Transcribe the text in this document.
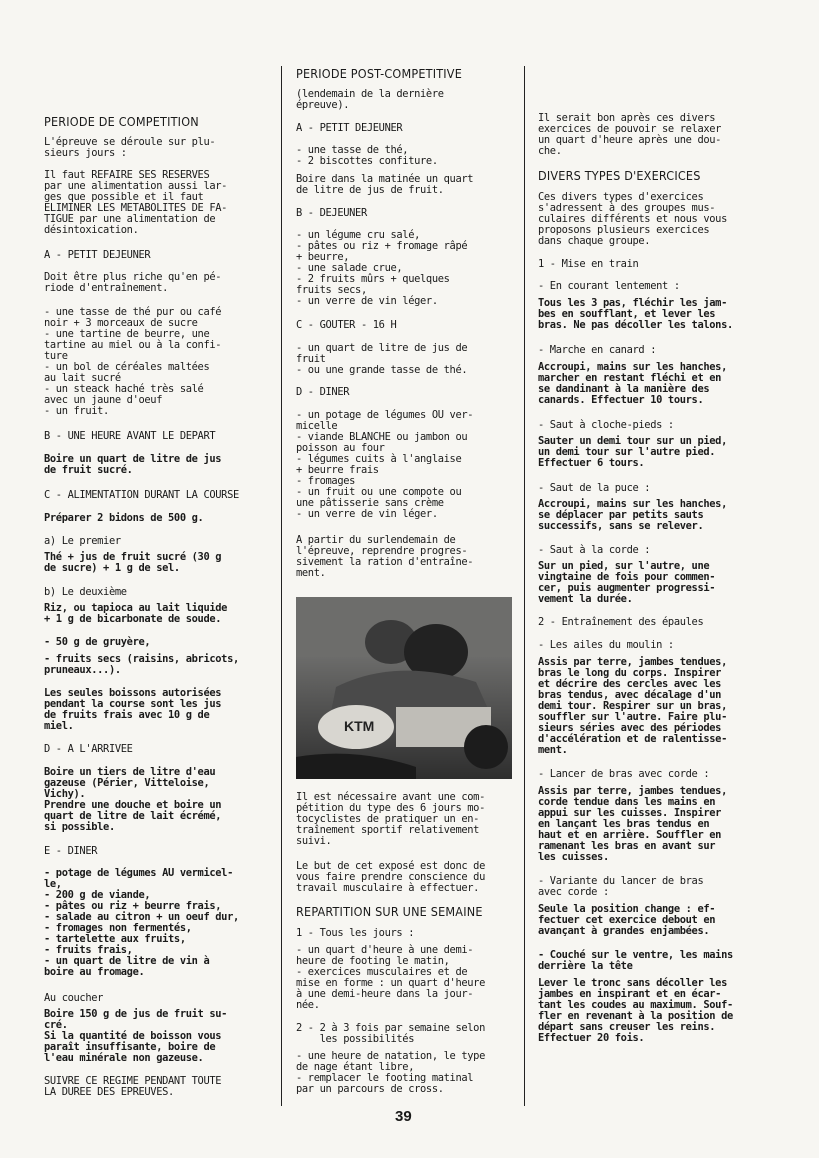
PERIODE DE COMPETITION
L'épreuve se déroule sur plu-
sieurs jours :
Il faut REFAIRE SES RESERVES
par une alimentation aussi lar-
ges que possible et il faut
ELIMINER LES METABOLITES DE FA-
TIGUE par une alimentation de
désintoxication.
A - PETIT DEJEUNER
Doit être plus riche qu'en pé-
riode d'entraînement.
- une tasse de thé pur ou café
noir + 3 morceaux de sucre
- une tartine de beurre, une
tartine au miel ou à la confi-
ture
- un bol de céréales maltées
au lait sucré
- un steack haché très salé
avec un jaune d'oeuf
- un fruit.
B - UNE HEURE AVANT LE DEPART
Boire un quart de litre de jus
de fruit sucré.
C - ALIMENTATION DURANT LA COURSE
Préparer 2 bidons de 500 g.
a) Le premier
Thé + jus de fruit sucré (30 g
de sucre) + 1 g de sel.
b) Le deuxième
Riz, ou tapioca au lait liquide
+ 1 g de bicarbonate de soude.
- 50 g de gruyère,
- fruits secs (raisins, abricots,
pruneaux...).
Les seules boissons autorisées
pendant la course sont les jus
de fruits frais avec 10 g de
miel.
D - A L'ARRIVEE
Boire un tiers de litre d'eau
gazeuse (Périer, Vitteloise,
Vichy).
Prendre une douche et boire un
quart de litre de lait écrémé,
si possible.
E - DINER
- potage de légumes AU vermicel-
le,
- 200 g de viande,
- pâtes ou riz + beurre frais,
- salade au citron + un oeuf dur,
- fromages non fermentés,
- tartelette aux fruits,
- fruits frais,
- un quart de litre de vin à
boire au fromage.
Au coucher
Boire 150 g de jus de fruit su-
cré.
Si la quantité de boisson vous
paraît insuffisante, boire de
l'eau minérale non gazeuse.
SUIVRE CE REGIME PENDANT TOUTE
LA DUREE DES EPREUVES.
PERIODE POST-COMPETITIVE
REPARTITION SUR UNE SEMAINE
(lendemain de la dernière
épreuve).
A - PETIT DEJEUNER
- une tasse de thé,
- 2 biscottes confiture.
Boire dans la matinée un quart
de litre de jus de fruit.
B - DEJEUNER
- un légume cru salé,
- pâtes ou riz + fromage râpé
+ beurre,
- une salade crue,
- 2 fruits mûrs + quelques
fruits secs,
- un verre de vin léger.
C - GOUTER - 16 H
- un quart de litre de jus de
fruit
- ou une grande tasse de thé.
D - DINER
- un potage de légumes OU ver-
micelle
- viande BLANCHE ou jambon ou
poisson au four
- légumes cuits à l'anglaise
+ beurre frais
- fromages
- un fruit ou une compote ou
une pâtisserie sans crème
- un verre de vin léger.
A partir du surlendemain de
l'épreuve, reprendre progres-
sivement la ration d'entraîne-
ment.
Il est nécessaire avant une com-
pétition du type des 6 jours mo-
tocyclistes de pratiquer un en-
traînement sportif relativement
suivi.
Le but de cet exposé est donc de
vous faire prendre conscience du
travail musculaire à effectuer.
1 - Tous les jours :
- un quart d'heure à une demi-
heure de footing le matin,
- exercices musculaires et de
mise en forme : un quart d'heure
à une demi-heure dans la jour-
née.
2 - 2 à 3 fois par semaine selon
les possibilités
- une heure de natation, le type
de nage étant libre,
- remplacer le footing matinal
par un parcours de cross.
KTM
DIVERS TYPES D'EXERCICES
Il serait bon après ces divers
exercices de pouvoir se relaxer
un quart d'heure après une dou-
che.
Ces divers types d'exercices
s'adressent à des groupes mus-
culaires différents et nous vous
proposons plusieurs exercices
dans chaque groupe.
1 - Mise en train
- En courant lentement :
Tous les 3 pas, fléchir les jam-
bes en soufflant, et lever les
bras. Ne pas décoller les talons.
- Marche en canard :
Accroupi, mains sur les hanches,
marcher en restant fléchi et en
se dandinant à la manière des
canards. Effectuer 10 tours.
- Saut à cloche-pieds :
Sauter un demi tour sur un pied,
un demi tour sur l'autre pied.
Effectuer 6 tours.
- Saut de la puce :
Accroupi, mains sur les hanches,
se déplacer par petits sauts
successifs, sans se relever.
- Saut à la corde :
Sur un pied, sur l'autre, une
vingtaine de fois pour commen-
cer, puis augmenter progressi-
vement la durée.
2 - Entraînement des épaules
- Les ailes du moulin :
Assis par terre, jambes tendues,
bras le long du corps. Inspirer
et décrire des cercles avec les
bras tendus, avec décalage d'un
demi tour. Respirer sur un bras,
souffler sur l'autre. Faire plu-
sieurs séries avec des périodes
d'accélération et de ralentisse-
ment.
- Lancer de bras avec corde :
Assis par terre, jambes tendues,
corde tendue dans les mains en
appui sur les cuisses. Inspirer
en lançant les bras tendus en
haut et en arrière. Souffler en
ramenant les bras en avant sur
les cuisses.
- Variante du lancer de bras
avec corde :
Seule la position change : ef-
fectuer cet exercice debout en
avançant à grandes enjambées.
- Couché sur le ventre, les mains
derrière la tête
Lever le tronc sans décoller les
jambes en inspirant et en écar-
tant les coudes au maximum. Souf-
fler en revenant à la position de
départ sans creuser les reins.
Effectuer 20 fois.
39
